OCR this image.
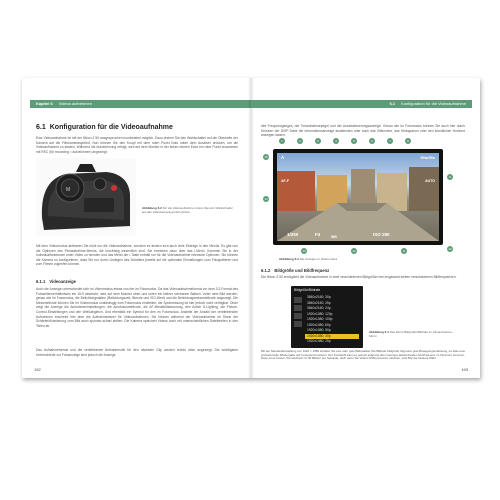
Kapitel 6 Videos aufnehmen
6.1 Konfiguration für die Videoaufnahme
Eine Videoaufnahme ist mit der Nikon Z 50 ausgesprochen komfortabel möglich. Dazu drehen Sie den Wahlschalter auf die Oberseite der Kamera auf die Filmkamerasymbol. Nun können Sie den Knopf mit dem roten Punkt links unten dem Auslöser drücken, um die Videoaufnahme zu starten. Während die Aufzeichnung erfolgt, wird auf dem Monitor in der linken oberen Ecke ein roter Punkt zusammen mit REC (für recording = aufzeichnen) angezeigt.
M
Abbildung 6.2 Für die Videoaufnahme nutzen Sie den Wahlschalter auf das Videokamerasymbol drehen.
Mit dem Videomodus aktivieren Sie nicht nur die Videoaufnahme, sondern es ändern sich auch viele Einträge in den Menüs. Es gibt nun die Optionen des Filmaufnahme-Menüs, die kurzfristig wesentlich sind. Sie erreichen dann über das i-Menü. Kommen Sie in der Individualfunktionen unter Video zu wenden und das Menü der i-Taste enthält nur für die Videoaufnahme relevante Optionen. Sie können die Kamera so konfigurieren, dass Sie nur durch Umlegen des Schalters jeweils auf die optimalen Einstellungen zum Fotografieren und zum Filmen zugreifen können.
6.1.1 Videoanzeige
Auch die Anzeige unterscheidet sich im Videomodus etwas von der im Fotomodus. Da das Videoaufnahmeformat vor dem 3:2-Format des Fotoseitenverhältnisses ein 16:9 abweicht, wird auf dem Monitor oben und unten ein kleiner schwarzer Balken. Unter dem Bild werden, genau wie im Fotomodus, die Belichtungsdaten (Belichtungszeit, Blende und ISO-Wert) und die Belichtungsmessmethode angezeigt. Die Messmethode können Sie im Videomodus unabhängig vom Fotomodus einstellen; die Spotmessung ist hier jedoch nicht verfügbar. Oben zeigt die Anzeige die Aufnahmeeinstellungen: die Autofokusmethode, die AF-Messfeldsteuerung, den Active D-Lighting, die Picture-Control-Einstellungen und den Weißabgleich. Und ebenfalls ein Symbol für den im Fotomodus. Anstelle der Anzahl der verbleibenden Aufnahmen erscheint hier aber die Aufnahmedauer für Videoaufnahmen. Sie können während der Videoaufnahme im Sinne der Schärfefokussierung zum Bild auch spontan scharf stellen. Die Kamera speichert Videos auch mit unterschiedlichen Dateibreiten in den Teilen ab.
Das Aufnahmeformat und die verbleibende Aufnahmezeit für den nächsten Clip werden rechts oben angezeigt. Die wichtigsten Unterschiede zur Fotoanzeige sind jedoch die Anzeige
192
6.1 Konfiguration für die Videoaufnahme
des Frequenzganges, der Tonaufnahmepegel und der Ausstssteuerungsanzeige. Genau wie im Fotomodus können Sie auch hier durch Drücken der DISP-Taste die Informationsanzeige ausblenden oder auch das Gittennetz, das Histogramm oder den künstlichen Horizont anzeigen lassen.
A	59m59s
AF-F	AUTO
WB
1/250	F4	ISO 280
1	2	3	4	5	6	7	8
9
10
11
12
13
14
15
Abbildung 6.3 Die Anzeige im Videomodus
6.1.2 Bildgröße und Bildfrequenz
Die Nikon Z 50 ermöglicht die Videoaufnahme in zwei verschiedenen Bildgrößen bei insgesamt sieben verschiedenen Bildfrequenzen.
Bildgröße/Bildrate
3840x2160; 30p
3840x2160; 25p
3840x2160; 24p
1920x1080; 120p
1920x1080; 100p
1920x1080; 60p
1920x1080; 50p
1920x1080; 30p
1920x1080; 25p
Abbildung 6.4 Das Menü Bildgröße/Bildrate im Filmaufnahme-Menü
Mit der Standardeinstellung von 1920 × 1080 erhalten Sie eine sehr gute Bildqualität. Die Bildrate bildgröße folgt eine gute Bewegungserfassung, so dass eine professionelle Wiedergabe auf Computermonitoren. Der Kunstlicht kann es jedoch aufgrund des in Europa abweichenden Netzfrequenz zu Flimmern kommen. Dann ist es besser, Sie wechseln zu 50 Bildern pro Sekunde, doch wenn Sie Videos DVDs brennen möchten, sind 50p die bessere Wahl.
193
